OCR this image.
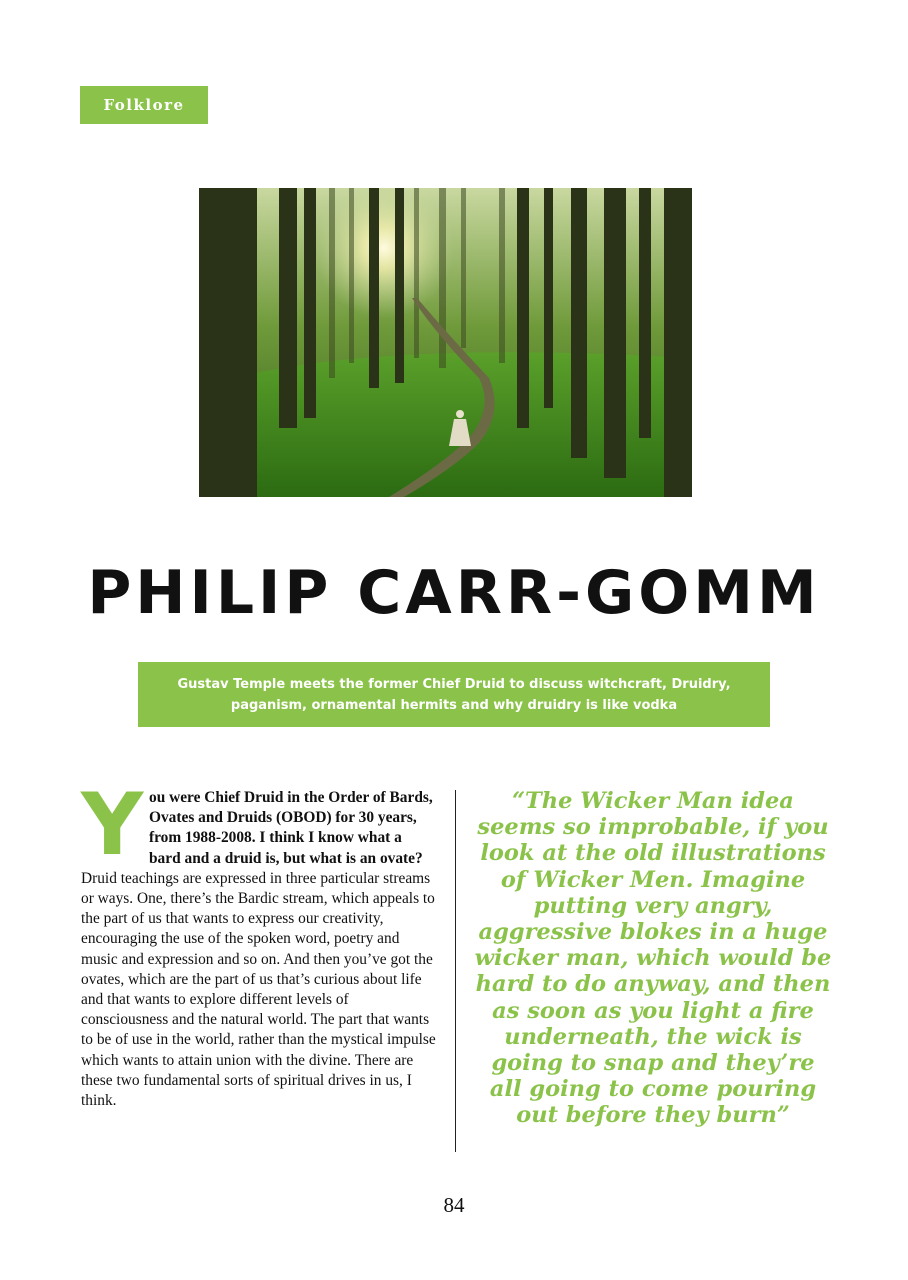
Folklore
PHILIP CARR-GOMM
Gustav Temple meets the former Chief Druid to discuss witchcraft, Druidry, paganism, ornamental hermits and why druidry is like vodka
Y ou were Chief Druid in the Order of Bards, Ovates and Druids (OBOD) for 30 years, from 1988-2008. I think I know what a bard and a druid is, but what is an ovate?

Druid teachings are expressed in three particular streams or ways. One, there’s the Bardic stream, which appeals to the part of us that wants to express our creativity, encouraging the use of the spoken word, poetry and music and expression and so on. And then you’ve got the ovates, which are the part of us that’s curious about life and that wants to explore different levels of consciousness and the natural world. The part that wants to be of use in the world, rather than the mystical impulse which wants to attain union with the divine. There are these two fundamental sorts of spiritual drives in us, I think.

“The Wicker Man idea seems so improbable, if you look at the old illustrations of Wicker Men. Imagine putting very angry, aggressive blokes in a huge wicker man, which would be hard to do anyway, and then as soon as you light a fire underneath, the wick is going to snap and they’re all going to come pouring out before they burn”
84
